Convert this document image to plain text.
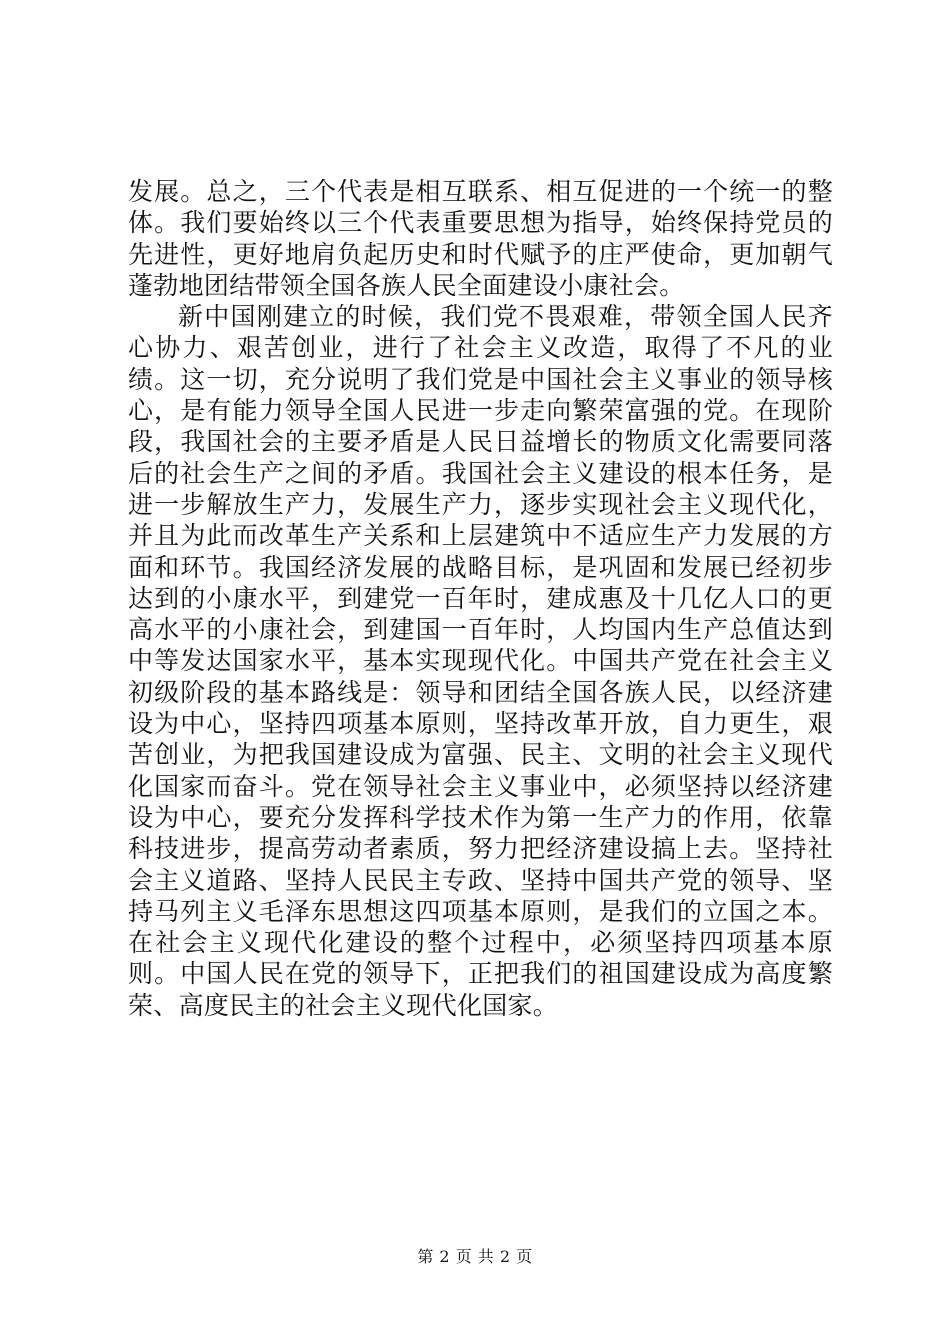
发展。总之，三个代表是相互联系、相互促进的一个统一的整体。我们要始终以三个代表重要思想为指导，始终保持党员的先进性，更好地肩负起历史和时代赋予的庄严使命，更加朝气蓬勃地团结带领全国各族人民全面建设小康社会。

新中国刚建立的时候，我们党不畏艰难，带领全国人民齐心协力、艰苦创业，进行了社会主义改造，取得了不凡的业绩。这一切，充分说明了我们党是中国社会主义事业的领导核心，是有能力领导全国人民进一步走向繁荣富强的党。在现阶段，我国社会的主要矛盾是人民日益增长的物质文化需要同落后的社会生产之间的矛盾。我国社会主义建设的根本任务，是进一步解放生产力，发展生产力，逐步实现社会主义现代化，并且为此而改革生产关系和上层建筑中不适应生产力发展的方面和环节。我国经济发展的战略目标，是巩固和发展已经初步达到的小康水平，到建党一百年时，建成惠及十几亿人口的更高水平的小康社会，到建国一百年时，人均国内生产总值达到中等发达国家水平，基本实现现代化。中国共产党在社会主义初级阶段的基本路线是：领导和团结全国各族人民，以经济建设为中心，坚持四项基本原则，坚持改革开放，自力更生，艰苦创业，为把我国建设成为富强、民主、文明的社会主义现代化国家而奋斗。党在领导社会主义事业中，必须坚持以经济建设为中心，要充分发挥科学技术作为第一生产力的作用，依靠科技进步，提高劳动者素质，努力把经济建设搞上去。坚持社会主义道路、坚持人民民主专政、坚持中国共产党的领导、坚持马列主义毛泽东思想这四项基本原则，是我们的立国之本。在社会主义现代化建设的整个过程中，必须坚持四项基本原则。中国人民在党的领导下，正把我们的祖国建设成为高度繁荣、高度民主的社会主义现代化国家。

第 2 页 共 2 页
